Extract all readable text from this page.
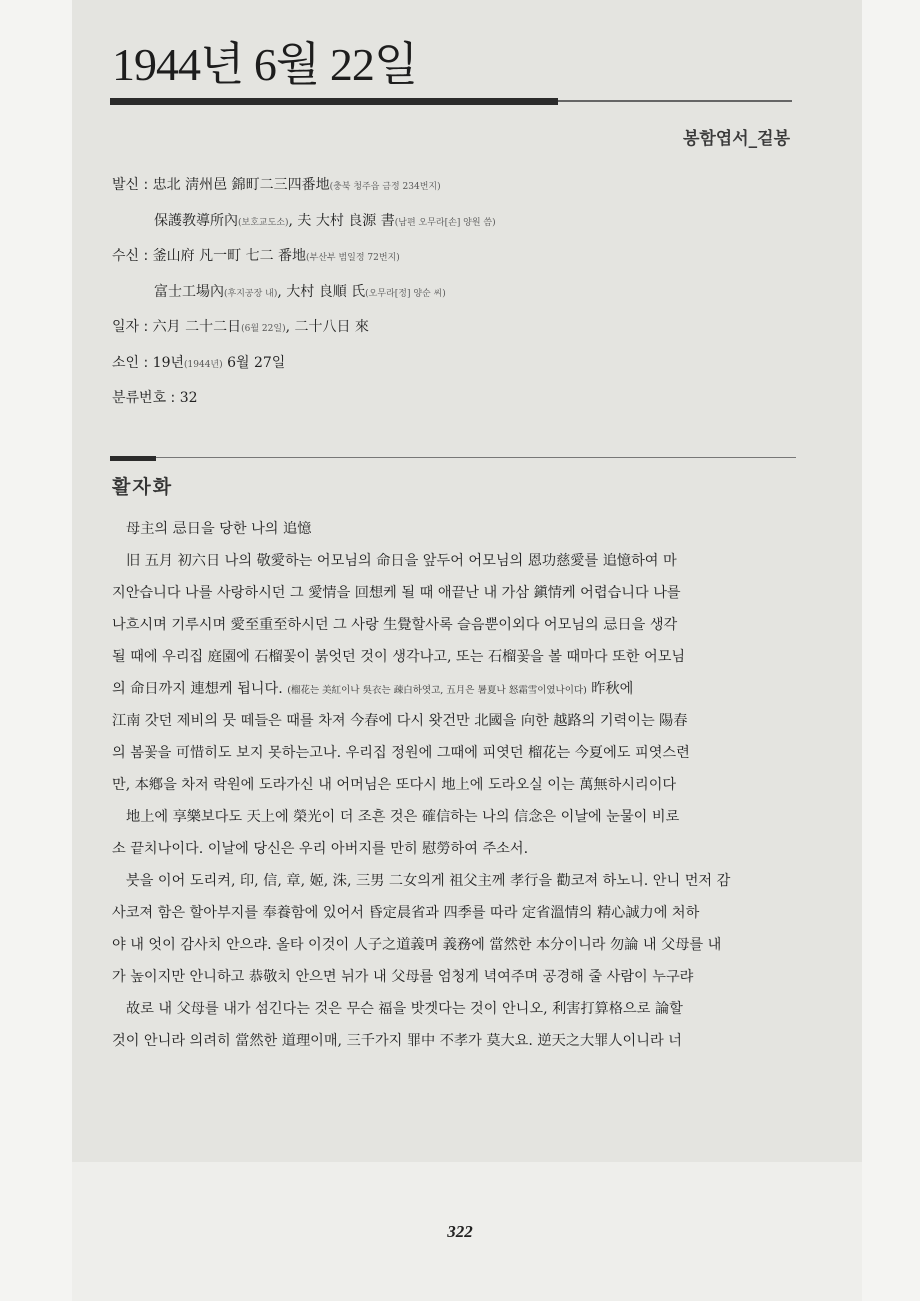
1944년 6월 22일
봉함엽서_겉봉
발신 : 忠北 淸州邑 錦町二三四番地(충북 청주읍 금정 234번지)
保護教導所內(보호교도소), 夫 大村 良源 書(남편 오무라[손] 양원 씀)
수신 : 釜山府 凡一町 七二 番地(부산부 범일정 72번지)
富士工場內(후지공장 내), 大村 良順 氏(오무라[정] 양순 씨)
일자 : 六月 二十二日(6월 22일), 二十八日 來
소인 : 19년(1944년) 6월 27일
분류번호 : 32
활자화
母主의 忌日을 당한 나의 追憶

旧 五月 初六日 나의 敬愛하는 어모님의 命日을 앞두어 어모님의 恩功慈愛를 追憶하여 마
지안습니다 나를 사랑하시던 그 愛情을 回想케 될 때 애끝난 내 가삼 鎭情케 어렵습니다 나를
나흐시며 기루시며 愛至重至하시던 그 사랑 生覺할사록 슬음뿐이외다 어모님의 忌日을 생각
될 때에 우리집 庭園에 石榴꽃이 붉엇던 것이 생각나고, 또는 石榴꽃을 볼 때마다 또한 어모님
의 命日까지 連想케 됩니다. (榴花는 美紅이나 吳衣는 疎白하엿고, 五月은 暑夏나 怒霜雪이였나이다) 昨秋에
江南 갓던 제비의 뭇 떼들은 때를 차져 今春에 다시 왓건만 北國을 向한 越路의 기력이는 陽春
의 봄꽃을 可惜히도 보지 못하는고나. 우리집 정원에 그때에 피엿던 榴花는 今夏에도 피엿스련
만, 本鄕을 차저 락원에 도라가신 내 어머님은 또다시 地上에 도라오실 이는 萬無하시리이다

地上에 享樂보다도 天上에 榮光이 더 조흔 것은 確信하는 나의 信念은 이날에 눈물이 비로
소 끝치나이다. 이날에 당신은 우리 아버지를 만히 慰勞하여 주소서.

붓을 이어 도리켜, 印, 信, 章, 姬, 洙, 三男 二女의게 祖父主께 孝行을 勸코져 하노니. 안니 먼저 감
사코져 함은 할아부지를 奉養함에 있어서 昏定晨省과 四季를 따라 定省溫情의 精心誠力에 처하
야 내 엇이 감사치 안으랴. 올타 이것이 人子之道義며 義務에 當然한 本分이니라 勿論 내 父母를 내
가 높이지만 안니하고 恭敬치 안으면 뉘가 내 父母를 엄청게 녁여주며 공경해 줄 사람이 누구랴

故로 내 父母를 내가 섬긴다는 것은 무슨 福을 밧겟다는 것이 안니오, 利害打算格으로 論할
것이 안니라 의려히 當然한 道理이매, 三千가지 罪中 不孝가 莫大요. 逆天之大罪人이니라 너

322
